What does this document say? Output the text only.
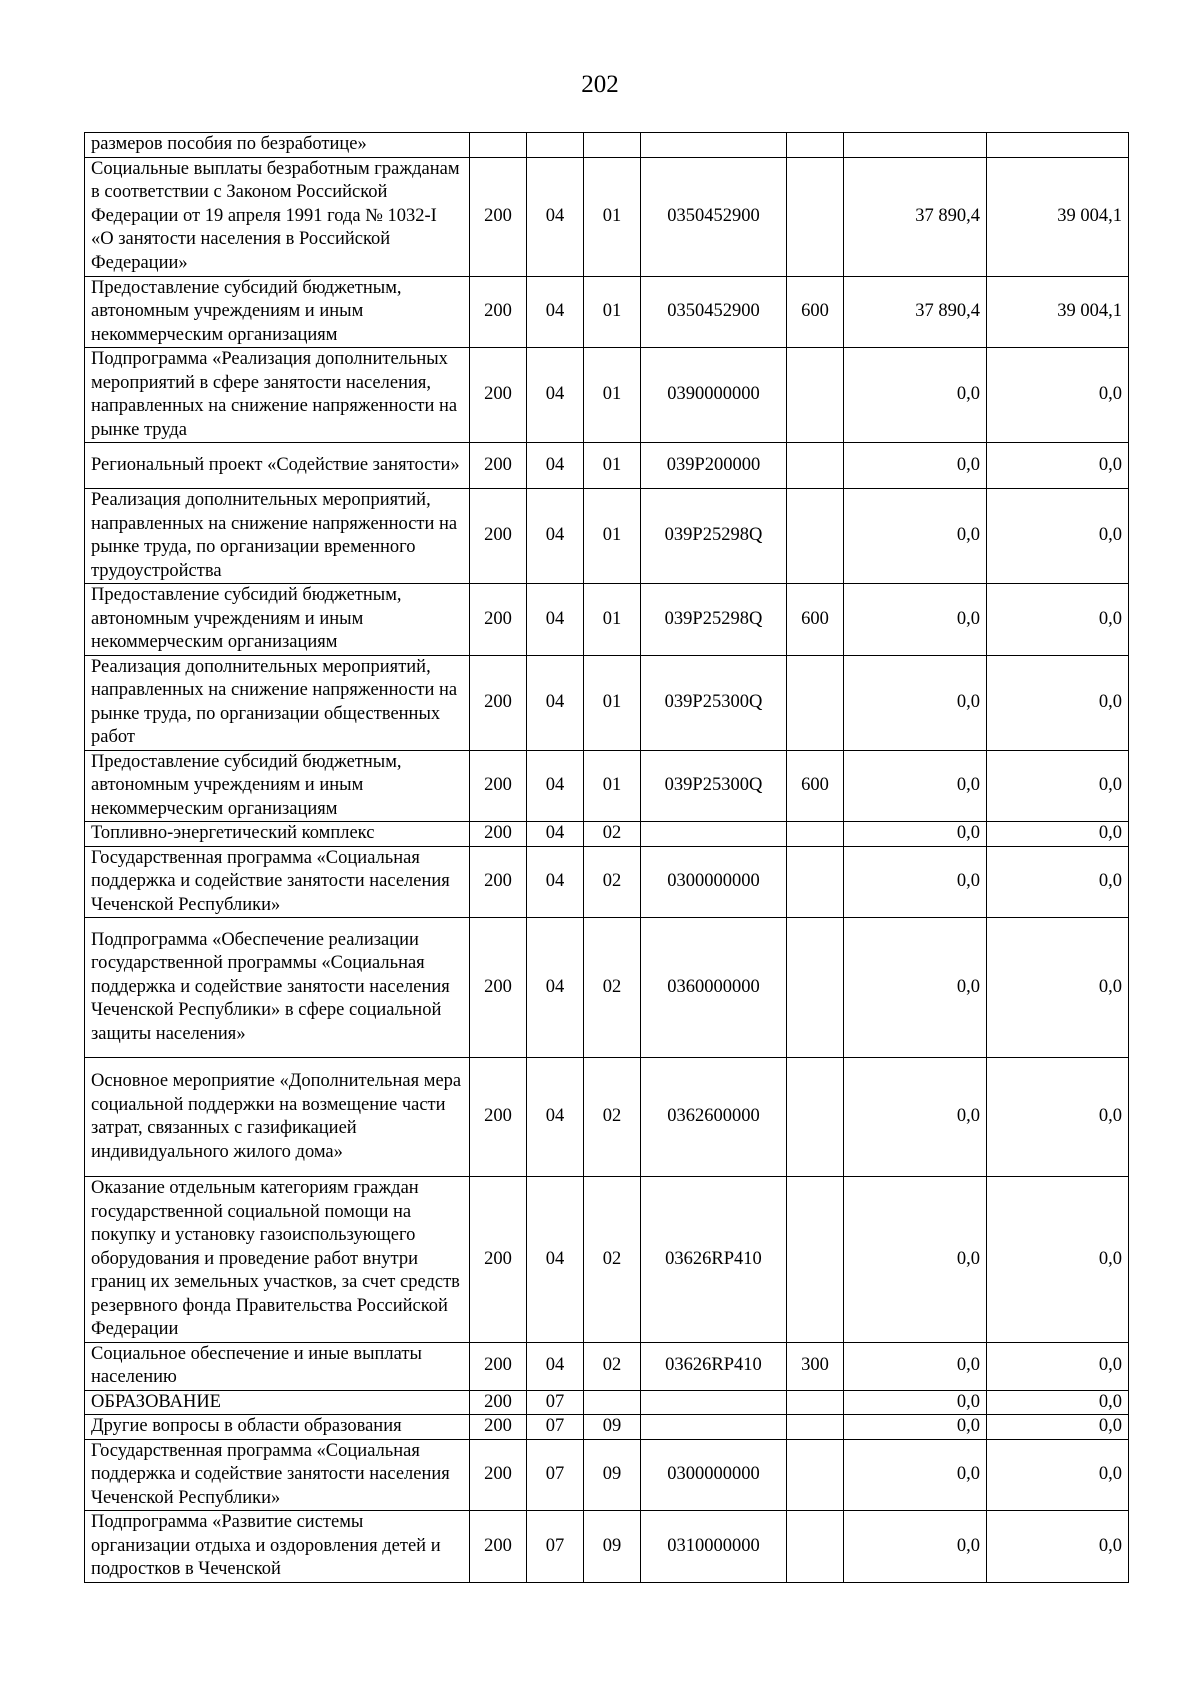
202
размеров пособия по безработице»							
Социальные выплаты безработным гражданам в соответствии с Законом Российской Федерации от 19 апреля 1991 года № 1032-I «О занятости населения в Российской Федерации»	200	04	01	0350452900		37 890,4	39 004,1
Предоставление субсидий бюджетным, автономным учреждениям и иным некоммерческим организациям	200	04	01	0350452900	600	37 890,4	39 004,1
Подпрограмма «Реализация дополнительных мероприятий в сфере занятости населения, направленных на снижение напряженности на рынке труда	200	04	01	0390000000		0,0	0,0
Региональный проект «Содействие занятости»	200	04	01	039P200000		0,0	0,0
Реализация дополнительных мероприятий, направленных на снижение напряженности на рынке труда, по организации временного трудоустройства	200	04	01	039P25298Q		0,0	0,0
Предоставление субсидий бюджетным, автономным учреждениям и иным некоммерческим организациям	200	04	01	039P25298Q	600	0,0	0,0
Реализация дополнительных мероприятий, направленных на снижение напряженности на рынке труда, по организации общественных работ	200	04	01	039P25300Q		0,0	0,0
Предоставление субсидий бюджетным, автономным учреждениям и иным некоммерческим организациям	200	04	01	039P25300Q	600	0,0	0,0
Топливно-энергетический комплекс	200	04	02			0,0	0,0
Государственная программа «Социальная поддержка и содействие занятости населения Чеченской Республики»	200	04	02	0300000000		0,0	0,0
Подпрограмма «Обеспечение реализации государственной программы «Социальная поддержка и содействие занятости населения Чеченской Республики» в сфере социальной защиты населения»	200	04	02	0360000000		0,0	0,0
Основное мероприятие «Дополнительная мера социальной поддержки на возмещение части затрат, связанных с газификацией индивидуального жилого дома»	200	04	02	0362600000		0,0	0,0
Оказание отдельным категориям граждан государственной социальной помощи на покупку и установку газоиспользующего оборудования и проведение работ внутри границ их земельных участков, за счет средств резервного фонда Правительства Российской Федерации	200	04	02	03626RP410		0,0	0,0
Социальное обеспечение и иные выплаты населению	200	04	02	03626RP410	300	0,0	0,0
ОБРАЗОВАНИЕ	200	07				0,0	0,0
Другие вопросы в области образования	200	07	09			0,0	0,0
Государственная программа «Социальная поддержка и содействие занятости населения Чеченской Республики»	200	07	09	0300000000		0,0	0,0
Подпрограмма «Развитие системы организации отдыха и оздоровления детей и подростков в Чеченской	200	07	09	0310000000		0,0	0,0
